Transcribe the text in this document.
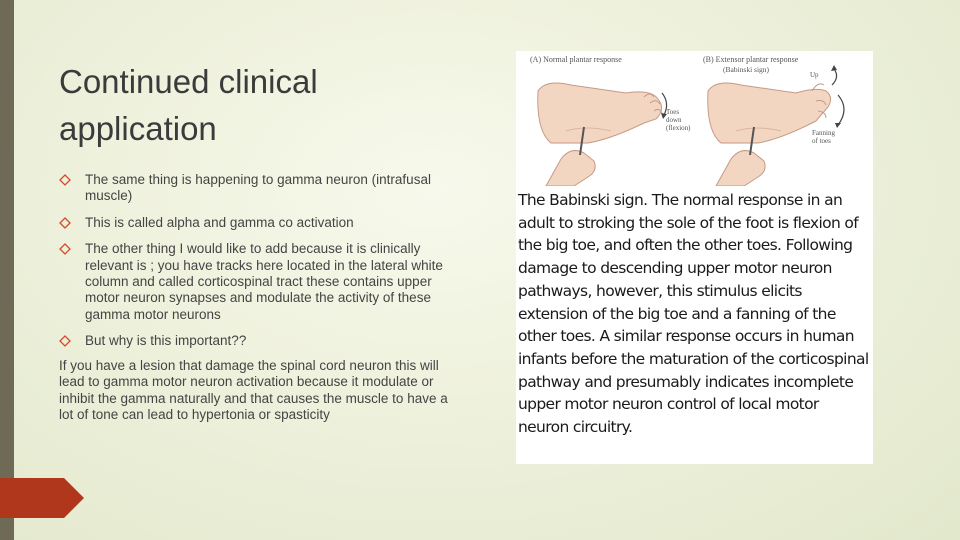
Continued clinical application
The same thing is happening to gamma neuron (intrafusal muscle)
This is called alpha and gamma co activation
The other thing I would like to add because it is clinically relevant is ; you have tracks here located in the lateral white column and called corticospinal tract these contains upper motor neuron synapses and modulate the activity of these gamma motor neurons
But why is this important??

If you have a lesion that damage the spinal cord neuron this will lead to gamma motor neuron activation because it modulate or inhibit the gamma naturally and that causes the muscle to have a lot of tone can lead to hypertonia or spasticity

(A) Normal plantar response	(B) Extensor plantar response
(Babinski sign)
Toes
down
(flexion)
Up
Fanning
of toes

The Babinski sign. The normal response in an adult to stroking the sole of the foot is flexion of the big toe, and often the other toes. Following damage to descending upper motor neuron pathways, however, this stimulus elicits extension of the big toe and a fanning of the other toes. A similar response occurs in human infants before the maturation of the corticospinal pathway and presumably indicates incomplete upper motor neuron control of local motor neuron circuitry.
